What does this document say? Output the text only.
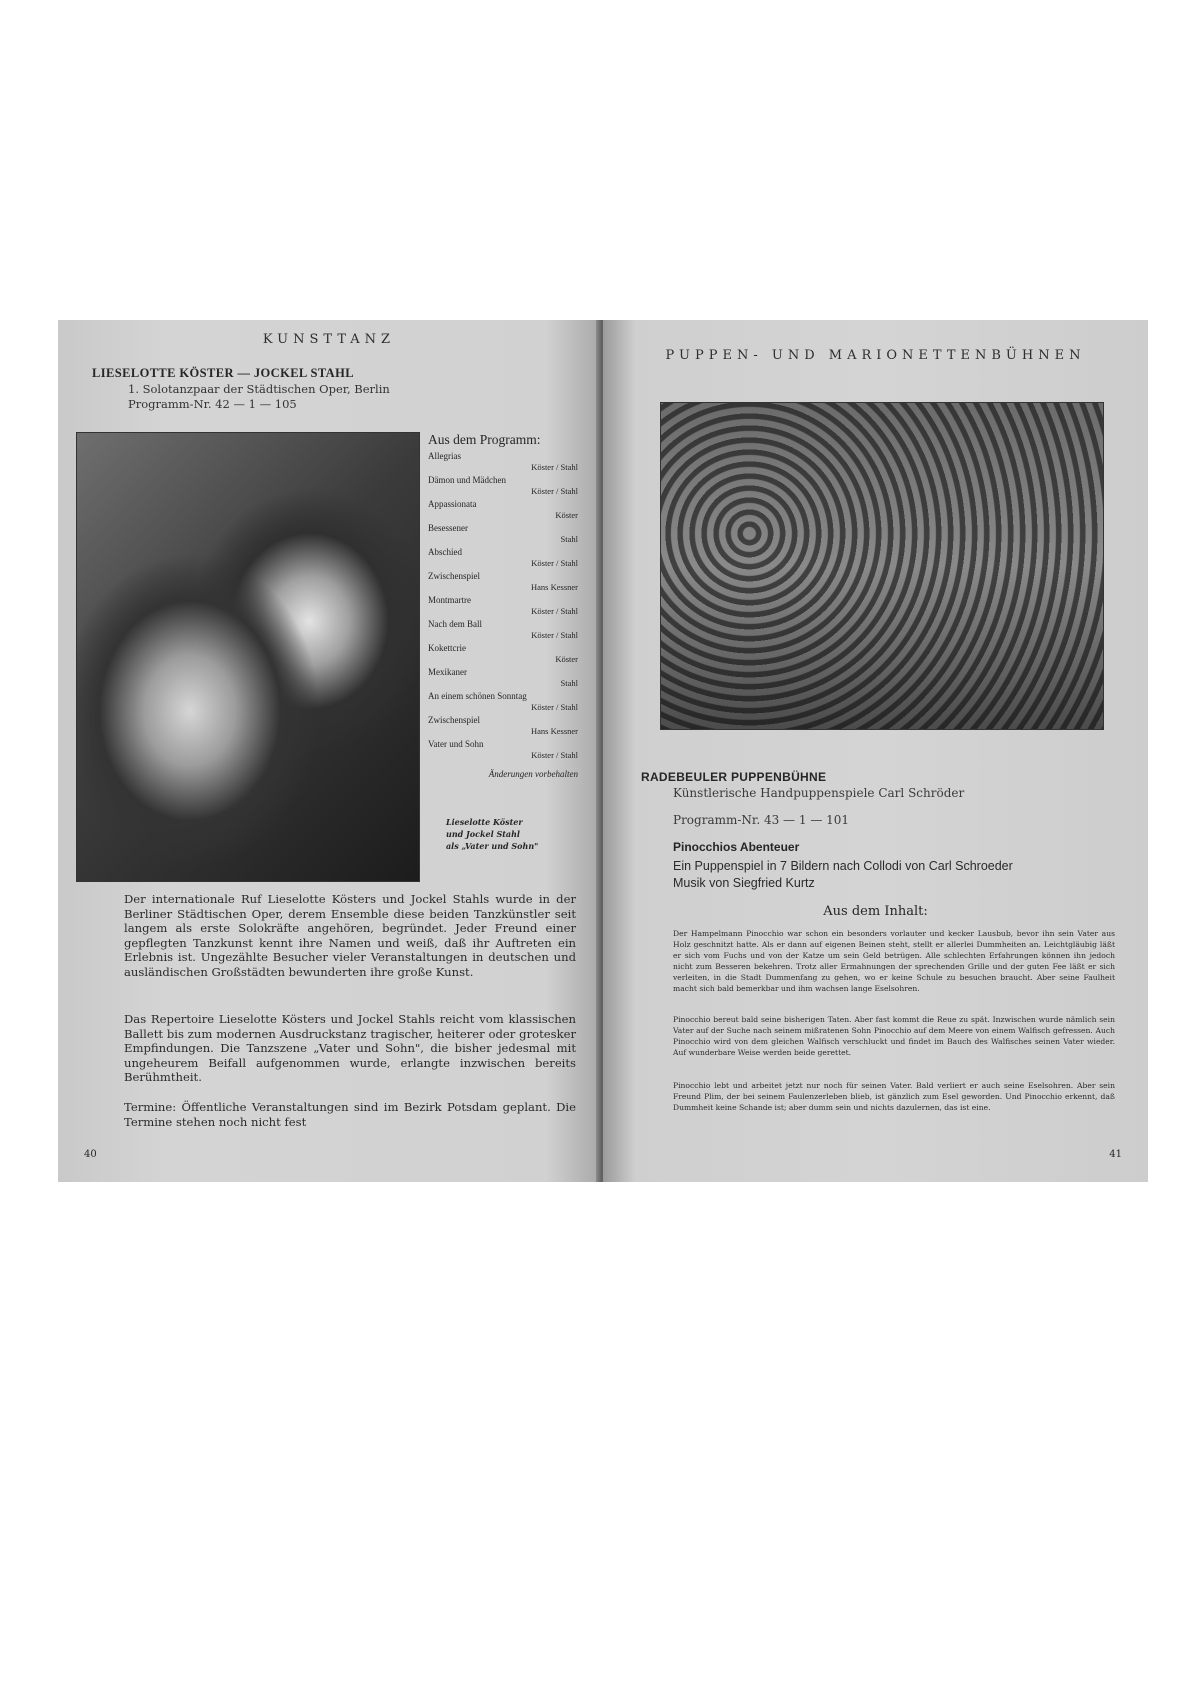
KUNSTTANZ
LIESELOTTE KÖSTER — JOCKEL STAHL
1. Solotanzpaar der Städtischen Oper, Berlin
Programm-Nr. 42 — 1 — 105
Aus dem Programm:
Allegrias
Köster / Stahl
Dämon und Mädchen
Köster / Stahl
Appassionata
Köster
Besessener
Stahl
Abschied
Köster / Stahl
Zwischenspiel
Hans Kessner
Montmartre
Köster / Stahl
Nach dem Ball
Köster / Stahl
Kokettcrie
Köster
Mexikaner
Stahl
An einem schönen Sonntag
Köster / Stahl
Zwischenspiel
Hans Kessner
Vater und Sohn
Köster / Stahl
Änderungen vorbehalten
Lieselotte Köster
und Jockel Stahl
als „Vater und Sohn"
Der internationale Ruf Lieselotte Kösters und Jockel Stahls wurde in der Berliner Städtischen Oper, derem Ensemble diese beiden Tanzkünstler seit langem als erste Solokräfte angehören, begründet. Jeder Freund einer gepflegten Tanzkunst kennt ihre Namen und weiß, daß ihr Auftreten ein Erlebnis ist. Ungezählte Besucher vieler Veranstaltungen in deutschen und ausländischen Großstädten bewunderten ihre große Kunst.
Das Repertoire Lieselotte Kösters und Jockel Stahls reicht vom klassischen Ballett bis zum modernen Ausdruckstanz tragischer, heiterer oder grotesker Empfindungen. Die Tanzszene „Vater und Sohn", die bisher jedesmal mit ungeheurem Beifall aufgenommen wurde, erlangte inzwischen bereits Berühmtheit.
Termine: Öffentliche Veranstaltungen sind im Bezirk Potsdam geplant. Die Termine stehen noch nicht fest
40
PUPPEN- UND MARIONETTENBÜHNEN
RADEBEULER PUPPENBÜHNE
Künstlerische Handpuppenspiele Carl Schröder
Programm-Nr. 43 — 1 — 101
Pinocchios Abenteuer
Ein Puppenspiel in 7 Bildern nach Collodi von Carl Schroeder
Musik von Siegfried Kurtz
Aus dem Inhalt:
Der Hampelmann Pinocchio war schon ein besonders vorlauter und kecker Lausbub, bevor ihn sein Vater aus Holz geschnitzt hatte. Als er dann auf eigenen Beinen steht, stellt er allerlei Dummheiten an. Leichtgläubig läßt er sich vom Fuchs und von der Katze um sein Geld betrügen. Alle schlechten Erfahrungen können ihn jedoch nicht zum Besseren bekehren. Trotz aller Ermahnungen der sprechenden Grille und der guten Fee läßt er sich verleiten, in die Stadt Dummenfang zu gehen, wo er keine Schule zu besuchen braucht. Aber seine Faulheit macht sich bald bemerkbar und ihm wachsen lange Eselsohren.
Pinocchio bereut bald seine bisherigen Taten. Aber fast kommt die Reue zu spät. Inzwischen wurde nämlich sein Vater auf der Suche nach seinem mißratenen Sohn Pinocchio auf dem Meere von einem Walfisch gefressen. Auch Pinocchio wird von dem gleichen Walfisch verschluckt und findet im Bauch des Walfisches seinen Vater wieder. Auf wunderbare Weise werden beide gerettet.
Pinocchio lebt und arbeitet jetzt nur noch für seinen Vater. Bald verliert er auch seine Eselsohren. Aber sein Freund Plim, der bei seinem Faulenzerleben blieb, ist gänzlich zum Esel geworden. Und Pinocchio erkennt, daß Dummheit keine Schande ist; aber dumm sein und nichts dazulernen, das ist eine.
41
